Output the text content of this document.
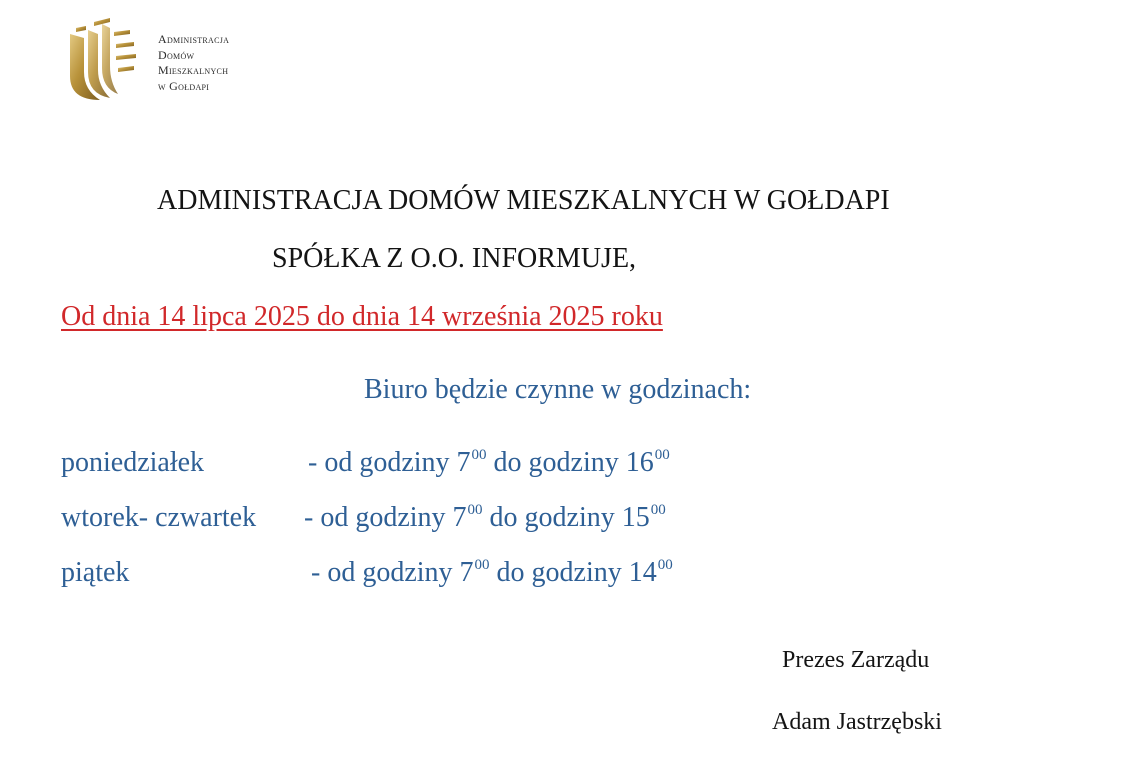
Administracja
Domów
Mieszkalnych
w Gołdapi
ADMINISTRACJA DOMÓW MIESZKALNYCH W GOŁDAPI
SPÓŁKA Z O.O. INFORMUJE,
Od dnia 14 lipca 2025 do dnia 14 września 2025 roku
Biuro będzie czynne w godzinach:
poniedziałek	- od godziny $7^{00}$ do godziny $16^{00}$
wtorek- czwartek - od godziny $7^{00}$ do godziny $15^{00}$
piątek	- od godziny $7^{00}$ do godziny $14^{00}$
Prezes Zarządu
Adam Jastrzębski
